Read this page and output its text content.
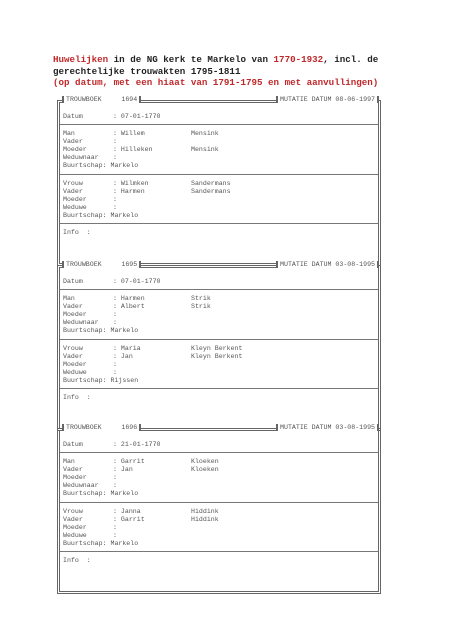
Huwelijken in de NG kerk te Markelo van 1770-1932, incl. de gerechtelijke trouwakten 1795-1811
(op datum, met een hiaat van 1791-1795 en met aanvullingen)
TROUWBOEK     1694	MUTATIE DATUM 08-06-1997
Datum	: 07-01-1770
Man	: Willem	Mensink
Vader	:
Moeder	: Hilleken	Mensink
Weduwnaar :
Buurtschap: Markelo
Vrouw	: Wilmken	Sandermans
Vader	: Harmen	Sandermans
Moeder	:
Weduwe	:
Buurtschap: Markelo
Info  :
TROUWBOEK     1695	MUTATIE DATUM 03-08-1995
Datum	: 07-01-1770
Man	: Harmen	Strik
Vader	: Albert	Strik
Moeder	:
Weduwnaar :
Buurtschap: Markelo
Vrouw	: Maria	Kleyn Berkent
Vader	: Jan	Kleyn Berkent
Moeder	:
Weduwe	:
Buurtschap: Rijssen
Info  :
TROUWBOEK     1696	MUTATIE DATUM 03-08-1995
Datum	: 21-01-1770
Man	: Garrit	Kloeken
Vader	: Jan	Kloeken
Moeder	:
Weduwnaar :
Buurtschap: Markelo
Vrouw	: Janna	Hiddink
Vader	: Garrit	Hiddink
Moeder	:
Weduwe	:
Buurtschap: Markelo
Info  :
